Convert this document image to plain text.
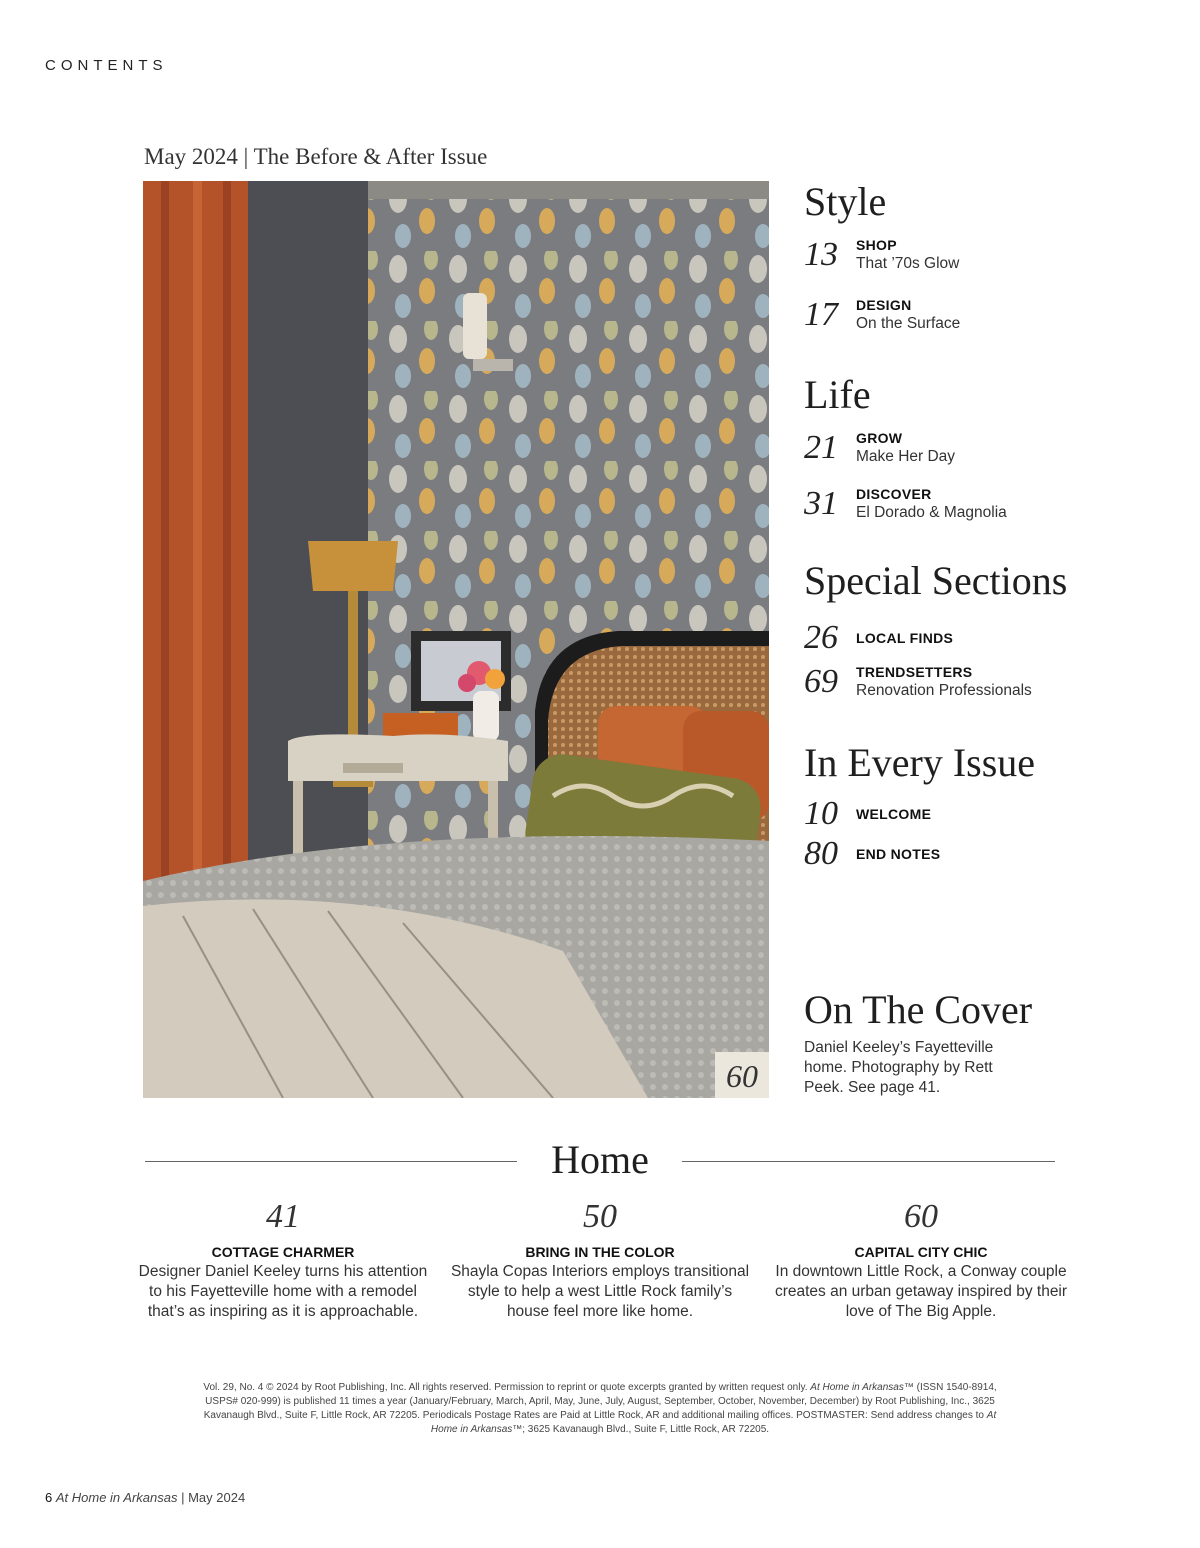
CONTENTS
May 2024 | The Before & After Issue
60
Style
13	SHOP
That ’70s Glow
17	DESIGN
On the Surface
Life
21	GROW
Make Her Day
31	DISCOVER
El Dorado & Magnolia
Special Sections
26	LOCAL FINDS
69	TRENDSETTERS
Renovation Professionals
In Every Issue
10	WELCOME
80	END NOTES
On The Cover
Daniel Keeley’s Fayetteville home. Photography by Rett Peek. See page 41.
Home
41
COTTAGE CHARMER
Designer Daniel Keeley turns his attention to his Fayetteville home with a remodel that’s as inspiring as it is approachable.
50
BRING IN THE COLOR
Shayla Copas Interiors employs transitional style to help a west Little Rock family’s house feel more like home.
60
CAPITAL CITY CHIC
In downtown Little Rock, a Conway couple creates an urban getaway inspired by their love of The Big Apple.
Vol. 29, No. 4 © 2024 by Root Publishing, Inc. All rights reserved. Permission to reprint or quote excerpts granted by written request only. At Home in Arkansas™ (ISSN 1540-8914, USPS# 020-999) is published 11 times a year (January/February, March, April, May, June, July, August, September, October, November, December) by Root Publishing, Inc., 3625 Kavanaugh Blvd., Suite F, Little Rock, AR 72205. Periodicals Postage Rates are Paid at Little Rock, AR and additional mailing offices. POSTMASTER: Send address changes to At Home in Arkansas™; 3625 Kavanaugh Blvd., Suite F, Little Rock, AR 72205.
6 At Home in Arkansas | May 2024
